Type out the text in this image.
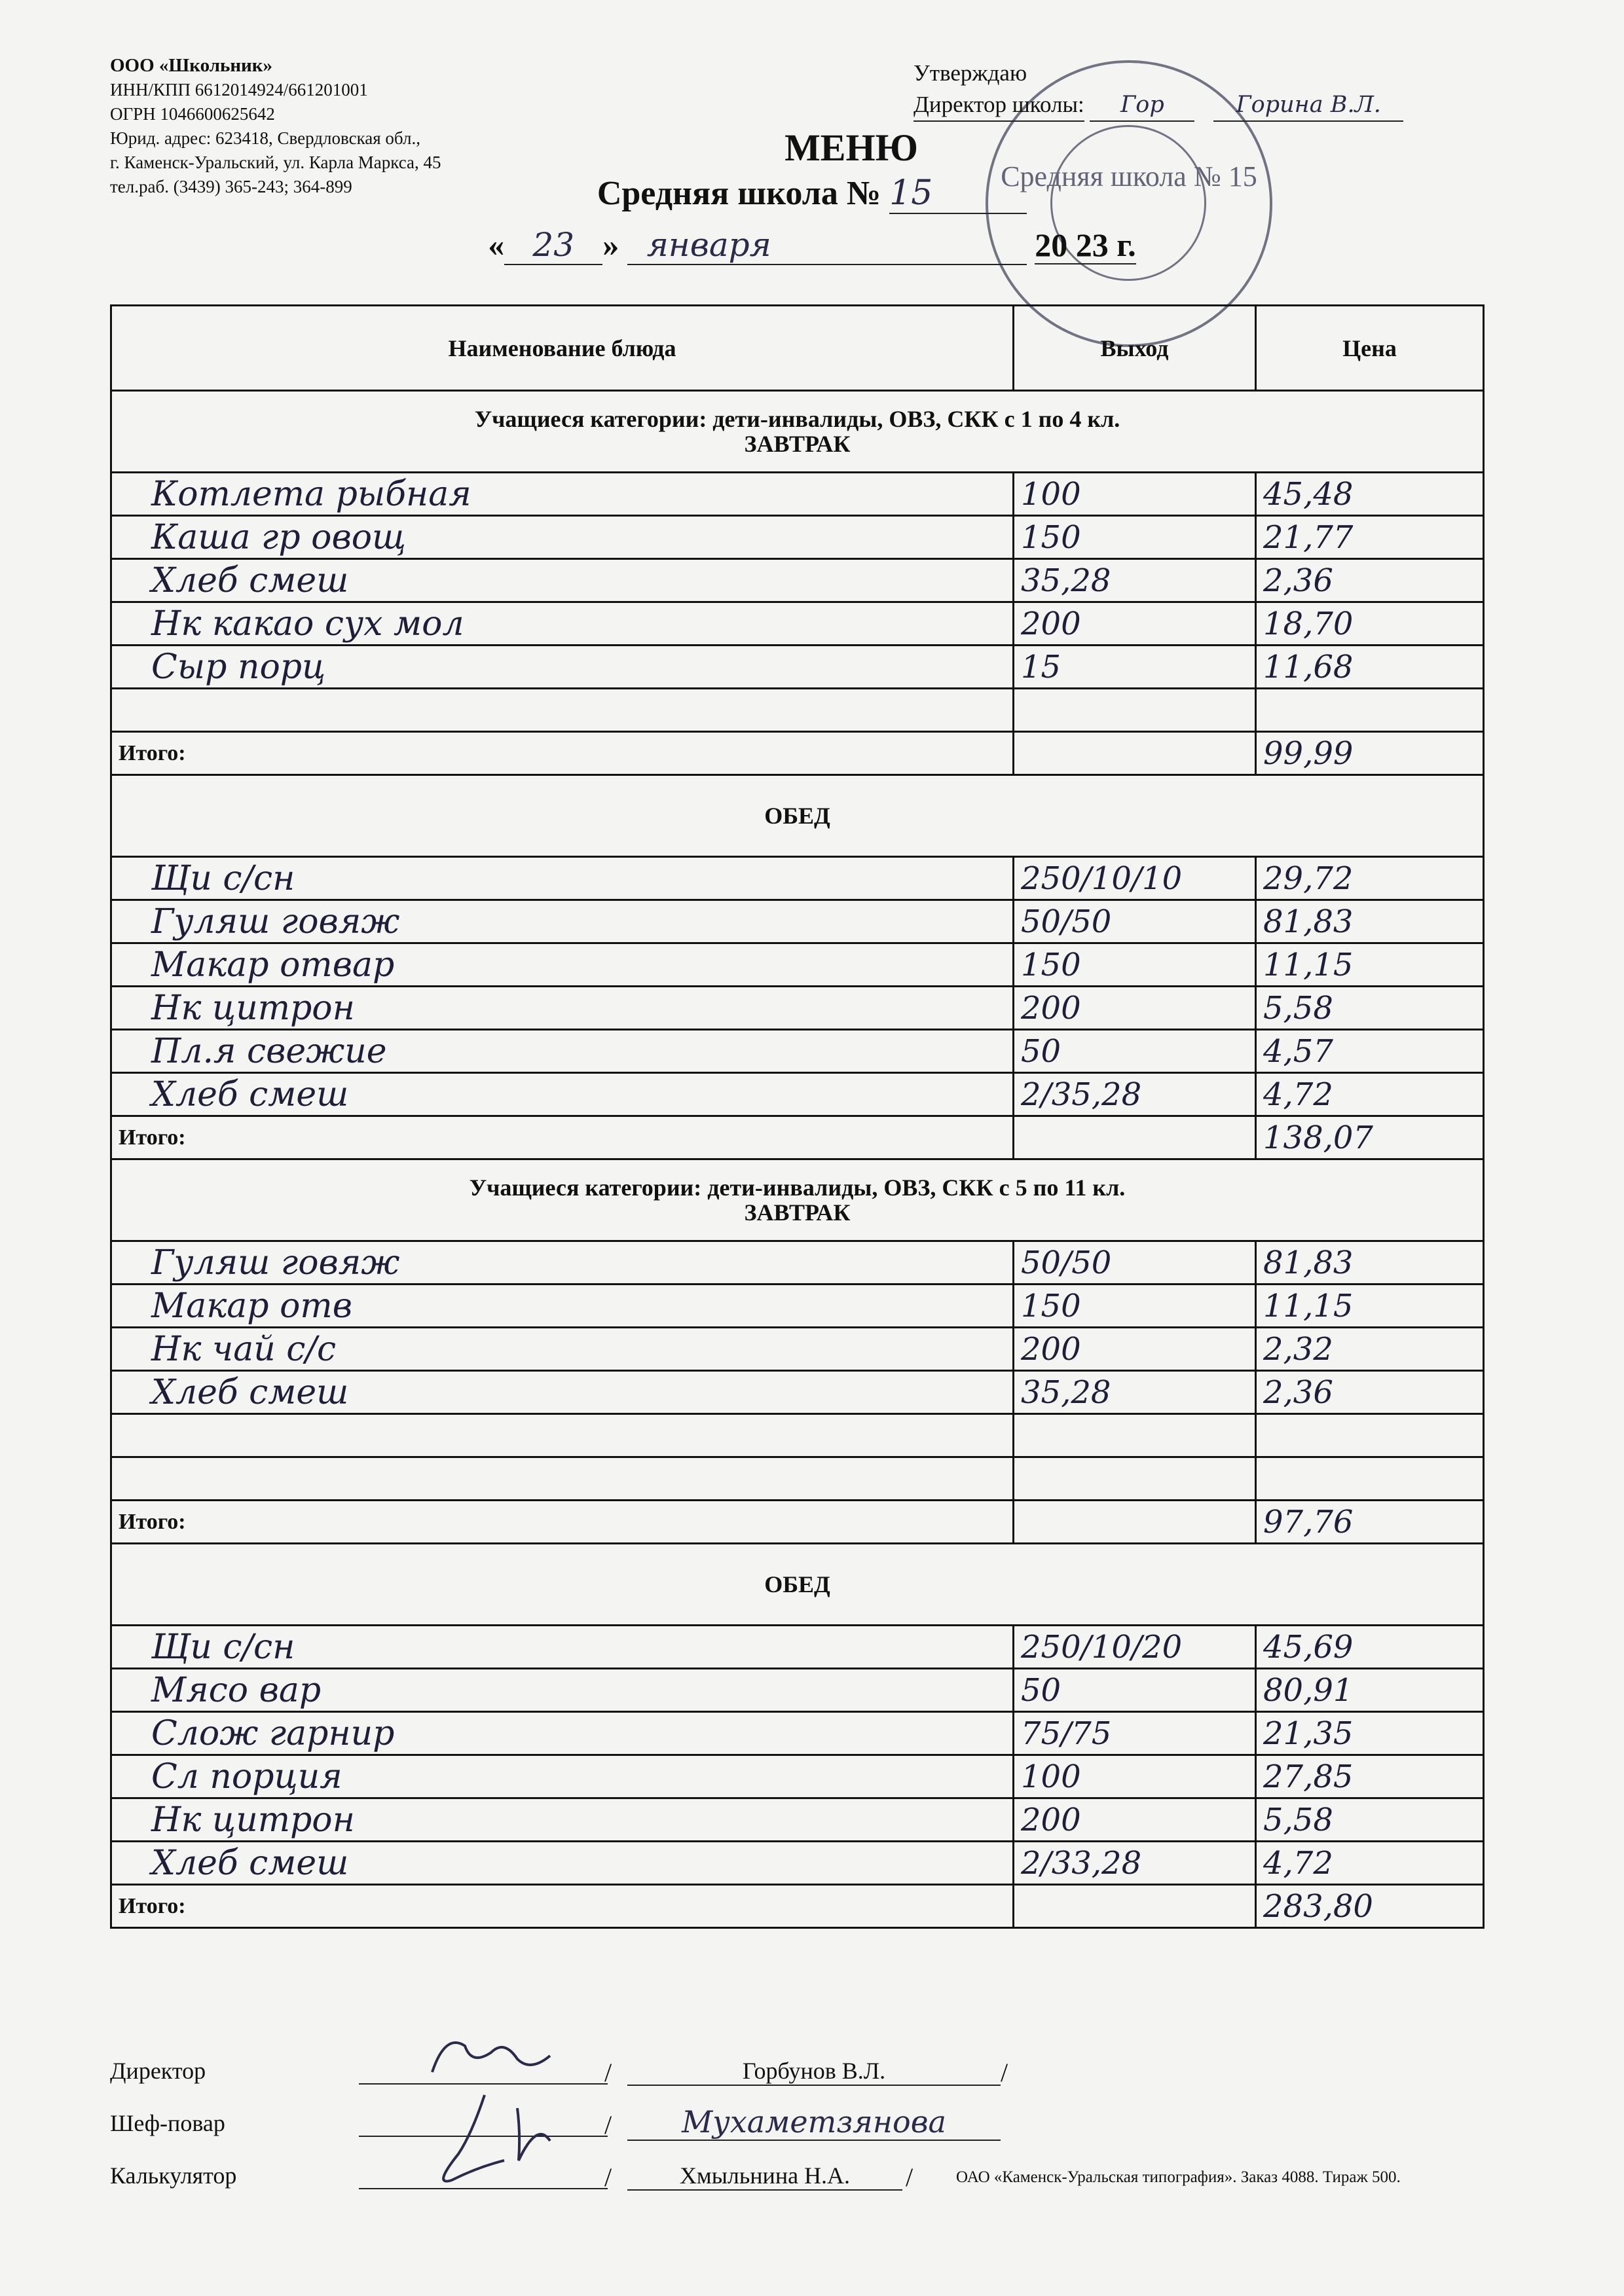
ООО «Школьник»
ИНН/КПП 6612014924/661201001
ОГРН 1046600625642
Юрид. адрес: 623418, Свердловская обл.,
г. Каменск-Уральский, ул. Карла Маркса, 45
тел.раб. (3439) 365-243; 364-899	Средняя школа № 15
Утверждаю
Директор школы: Гор	Горина В.Л.
МЕНЮ
Средняя школа № 15
« 23 » января	20 23 г.
Наименование блюда	Выход	Цена

Учащиеся категории: дети-инвалиды, ОВЗ, СКК с 1 по 4 кл.
ЗАВТРАК		

Котлета рыбная	100	45,48
Каша гр овощ	150	21,77
Хлеб смеш	35,28	2,36
Нк какао сух мол	200	18,70
Сыр порц	15	11,68

Итого:		99,99

ОБЕД		

Щи с/сн	250/10/10	29,72
Гуляш говяж	50/50	81,83
Макар отвар	150	11,15
Нк цитрон	200	5,58
Пл.я свежие	50	4,57
Хлеб смеш	2/35,28	4,72
Итого:		138,07

Учащиеся категории: дети-инвалиды, ОВЗ, СКК с 5 по 11 кл.
ЗАВТРАК		

Гуляш говяж	50/50	81,83
Макар отв	150	11,15
Нк чай с/с	200	2,32
Хлеб смеш	35,28	2,36

Итого:		97,76

ОБЕД		

Щи с/сн	250/10/20	45,69
Мясо вар	50	80,91
Слож гарнир	75/75	21,35
Сл порция	100	27,85
Нк цитрон	200	5,58
Хлеб смеш	2/33,28	4,72
Итого:		283,80
Директор	/	Горбунов В.Л.	/
Шеф-повар	/	Мухаметзянова
Калькулятор	/	Хмыльнина Н.А.	/	ОАО «Каменск-Уральская типография». Заказ 4088. Тираж 500.
